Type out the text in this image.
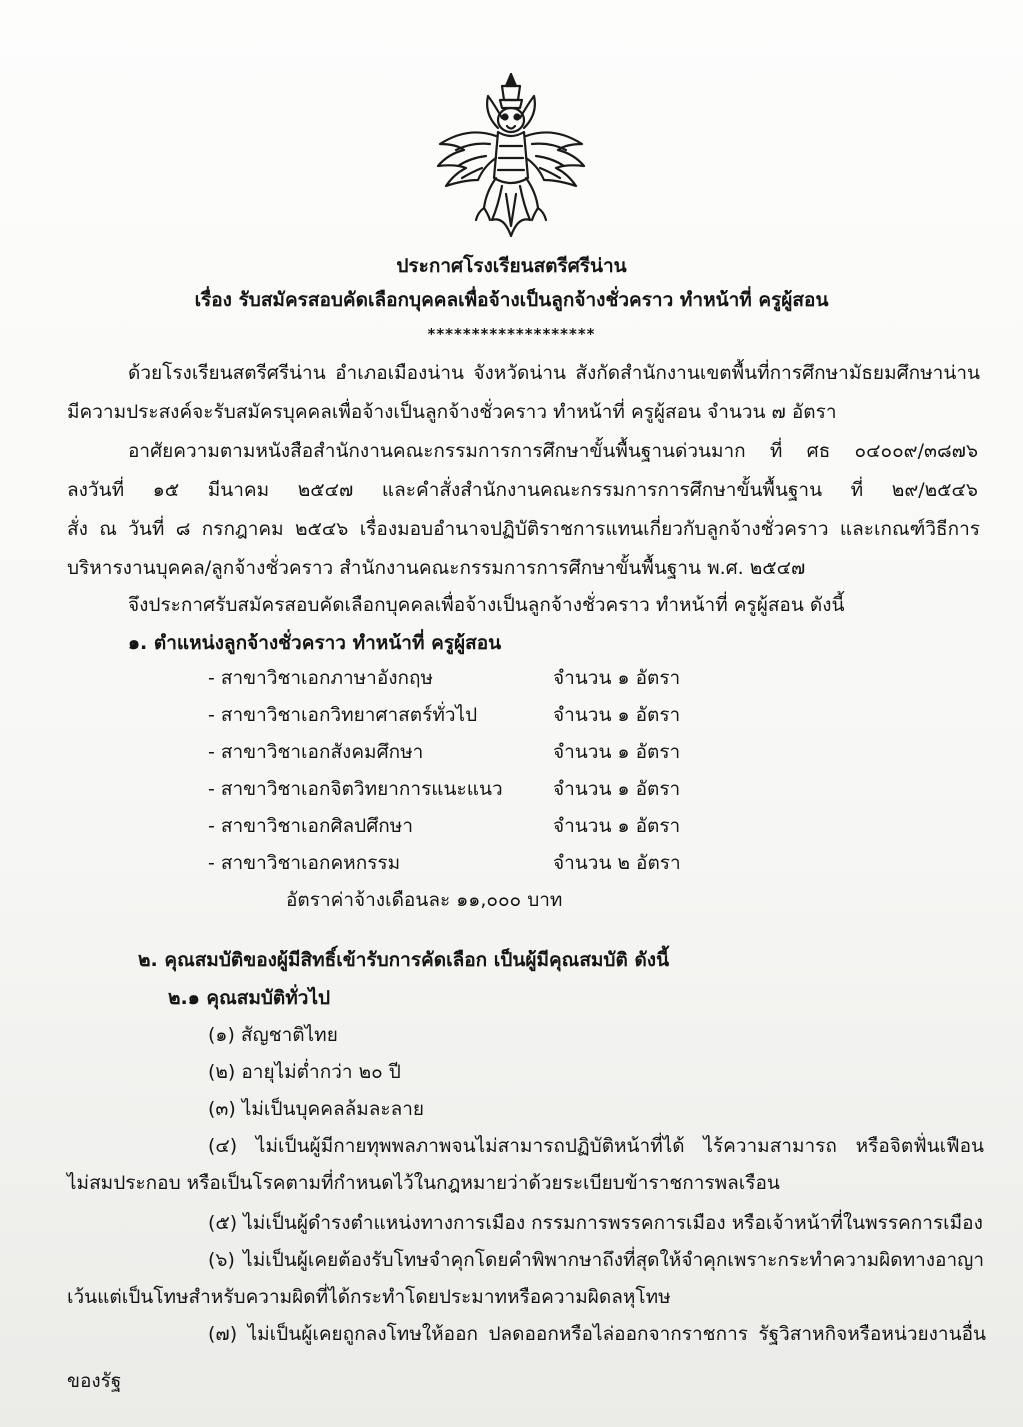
ประกาศโรงเรียนสตรีศรีน่าน
เรื่อง รับสมัครสอบคัดเลือกบุคคลเพื่อจ้างเป็นลูกจ้างชั่วคราว ทำหน้าที่ ครูผู้สอน
*******************
ด้วยโรงเรียนสตรีศรีน่าน อำเภอเมืองน่าน จังหวัดน่าน สังกัดสำนักงานเขตพื้นที่การศึกษามัธยมศึกษาน่าน
มีความประสงค์จะรับสมัครบุคคลเพื่อจ้างเป็นลูกจ้างชั่วคราว ทำหน้าที่ ครูผู้สอน จำนวน ๗ อัตรา
อาศัยความตามหนังสือสำนักงานคณะกรรมการการศึกษาขั้นพื้นฐานด่วนมาก ที่ ศธ ๐๔๐๐๙/๓๘๗๖
ลงวันที่ ๑๕ มีนาคม ๒๕๔๗ และคำสั่งสำนักงานคณะกรรมการการศึกษาขั้นพื้นฐาน ที่ ๒๙/๒๕๔๖
สั่ง ณ วันที่ ๘ กรกฎาคม ๒๕๔๖ เรื่องมอบอำนาจปฏิบัติราชการแทนเกี่ยวกับลูกจ้างชั่วคราว และเกณฑ์วิธีการ
บริหารงานบุคคล/ลูกจ้างชั่วคราว สำนักงานคณะกรรมการการศึกษาขั้นพื้นฐาน พ.ศ. ๒๕๔๗
จึงประกาศรับสมัครสอบคัดเลือกบุคคลเพื่อจ้างเป็นลูกจ้างชั่วคราว ทำหน้าที่ ครูผู้สอน ดังนี้
๑. ตำแหน่งลูกจ้างชั่วคราว ทำหน้าที่ ครูผู้สอน
- สาขาวิชาเอกภาษาอังกฤษ	จำนวน ๑ อัตรา
- สาขาวิชาเอกวิทยาศาสตร์ทั่วไป	จำนวน ๑ อัตรา
- สาขาวิชาเอกสังคมศึกษา	จำนวน ๑ อัตรา
- สาขาวิชาเอกจิตวิทยาการแนะแนว	จำนวน ๑ อัตรา
- สาขาวิชาเอกศิลปศึกษา	จำนวน ๑ อัตรา
- สาขาวิชาเอกคหกรรม	จำนวน ๒ อัตรา
อัตราค่าจ้างเดือนละ ๑๑,๐๐๐ บาท
๒. คุณสมบัติของผู้มีสิทธิ์เข้ารับการคัดเลือก เป็นผู้มีคุณสมบัติ ดังนี้
๒.๑ คุณสมบัติทั่วไป
(๑) สัญชาติไทย
(๒) อายุไม่ต่ำกว่า ๒๐ ปี
(๓) ไม่เป็นบุคคลล้มละลาย
(๔) ไม่เป็นผู้มีกายทุพพลภาพจนไม่สามารถปฏิบัติหน้าที่ได้ ไร้ความสามารถ หรือจิตฟั่นเฟือน
ไม่สมประกอบ หรือเป็นโรคตามที่กำหนดไว้ในกฎหมายว่าด้วยระเบียบข้าราชการพลเรือน
(๕) ไม่เป็นผู้ดำรงตำแหน่งทางการเมือง กรรมการพรรคการเมือง หรือเจ้าหน้าที่ในพรรคการเมือง
(๖) ไม่เป็นผู้เคยต้องรับโทษจำคุกโดยคำพิพากษาถึงที่สุดให้จำคุกเพราะกระทำความผิดทางอาญา
เว้นแต่เป็นโทษสำหรับความผิดที่ได้กระทำโดยประมาทหรือความผิดลหุโทษ
(๗) ไม่เป็นผู้เคยถูกลงโทษให้ออก ปลดออกหรือไล่ออกจากราชการ รัฐวิสาหกิจหรือหน่วยงานอื่น
ของรัฐ
